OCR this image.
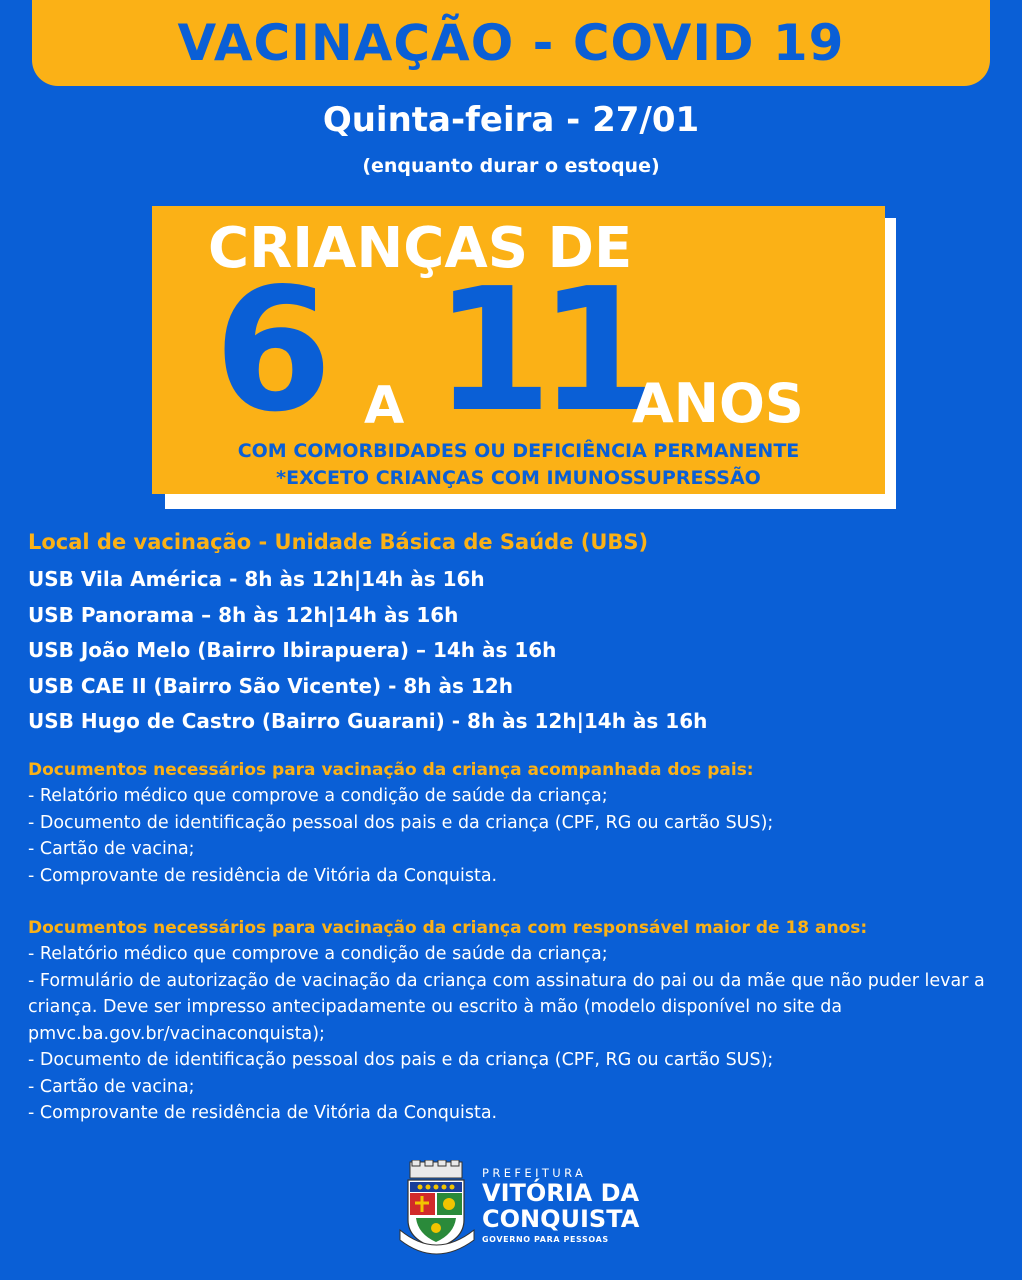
VACINAÇÃO - COVID 19
Quinta-feira - 27/01
(enquanto durar o estoque)
CRIANÇAS DE
6 A 11
ANOS
COM COMORBIDADES OU DEFICIÊNCIA PERMANENTE
*EXCETO CRIANÇAS COM IMUNOSSUPRESSÃO
Local de vacinação - Unidade Básica de Saúde (UBS)
USB Vila América - 8h às 12h|14h às 16h
USB Panorama – 8h às 12h|14h às 16h
USB João Melo (Bairro Ibirapuera) – 14h às 16h
USB CAE II (Bairro São Vicente) - 8h às 12h
USB Hugo de Castro (Bairro Guarani) - 8h às 12h|14h às 16h
Documentos necessários para vacinação da criança acompanhada dos pais:
- Relatório médico que comprove a condição de saúde da criança;
- Documento de identificação pessoal dos pais e da criança (CPF, RG ou cartão SUS);
- Cartão de vacina;
- Comprovante de residência de Vitória da Conquista.
Documentos necessários para vacinação da criança com responsável maior de 18 anos:
- Relatório médico que comprove a condição de saúde da criança;
- Formulário de autorização de vacinação da criança com assinatura do pai ou da mãe que não puder levar a criança. Deve ser impresso antecipadamente ou escrito à mão (modelo disponível no site da pmvc.ba.gov.br/vacinaconquista);
- Documento de identificação pessoal dos pais e da criança (CPF, RG ou cartão SUS);
- Cartão de vacina;
- Comprovante de residência de Vitória da Conquista.
PREFEITURA
VITÓRIA DA
CONQUISTA
GOVERNO PARA PESSOAS
